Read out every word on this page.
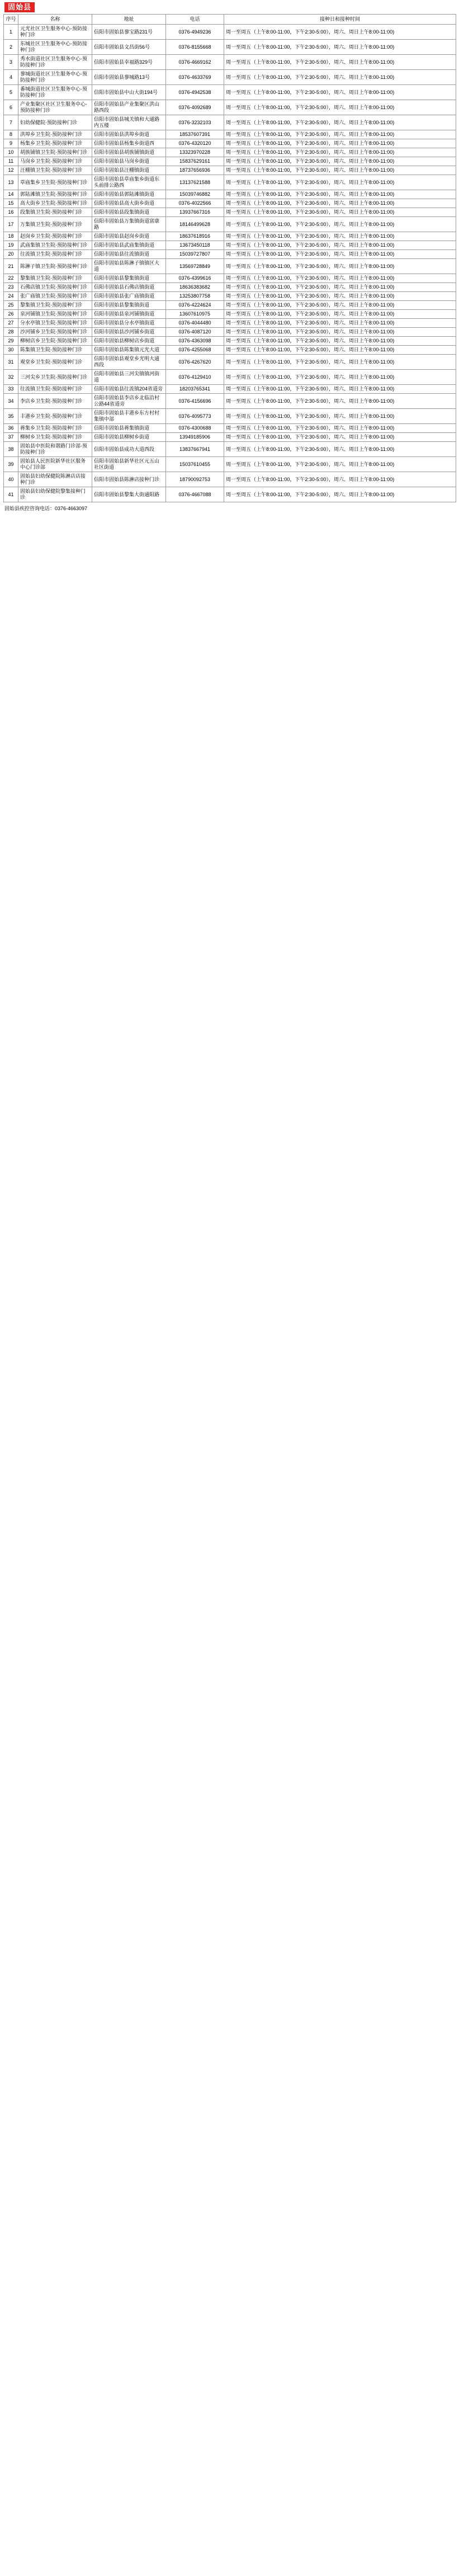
固始县
序号	名称	地址	电话	接种日和接种时间
1	元光社区卫生服务中心·预防接种门诊	信阳市固始县蓼宝路231号	0376-4949236	周一至周五（上午8:00-11:00，下午2:30-5:00），周六、周日上午8:00-11:00)
2	东城社区卫生服务中心·预防接种门诊	信阳市固始县文昌街56号	0376-8155668	周一至周五（上午8:00-11:00，下午2:30-5:00），周六、周日上午8:00-11:00)
3	秀水街道社区卫生服务中心·预防接种门诊	信阳市固始县幸福路329号	0376-4669162	周一至周五（上午8:00-11:00，下午2:30-5:00），周六、周日上午8:00-11:00)
4	蓼城街道社区卫生服务中心·预防接种门诊	信阳市固始县蓼城路13号	0376-4633769	周一至周五（上午8:00-11:00，下午2:30-5:00），周六、周日上午8:00-11:00)
5	番城街道社区卫生服务中心·预防接种门诊	信阳市固始县中山大街194号	0376-4942538	周一至周五（上午8:00-11:00，下午2:30-5:00），周六、周日上午8:00-11:00)
6	产业集聚区社区卫生服务中心·预防接种门诊	信阳市固始县产业集聚区洪山路西段	0376-4092689	周一至周五（上午8:00-11:00，下午2:30-5:00），周六、周日上午8:00-11:00)
7	妇幼保健院·预防接种门诊	信阳市固始县城关镇和大通路内五楼	0376-3232103	周一至周五（上午8:00-11:00，下午2:30-5:00），周六、周日上午8:00-11:00)
8	洪埠乡卫生院·预防接种门诊	信阳市固始县洪埠乡街道	18537607391	周一至周五（上午8:00-11:00，下午2:30-5:00），周六、周日上午8:00-11:00)
9	杨集乡卫生院·预防接种门诊	信阳市固始县杨集乡街道西	0376-4320120	周一至周五（上午8:00-11:00，下午2:30-5:00），周六、周日上午8:00-11:00)
10	胡族铺镇卫生院·预防接种门诊	信阳市固始县胡族铺镇街道	13323970228	周一至周五（上午8:00-11:00，下午2:30-5:00），周六、周日上午8:00-11:00)
11	马岗乡卫生院·预防接种门诊	信阳市固始县马岗乡街道	15837629161	周一至周五（上午8:00-11:00，下午2:30-5:00），周六、周日上午8:00-11:00)
12	汪棚镇卫生院·预防接种门诊	信阳市固始县汪棚镇街道	18737656936	周一至周五（上午8:00-11:00，下午2:30-5:00），周六、周日上午8:00-11:00)
13	草庙集乡卫生院·预防接种门诊	信阳市固始县草庙集乡街道东头前排公路西	13137621588	周一至周五（上午8:00-11:00，下午2:30-5:00），周六、周日上午8:00-11:00)
14	郭陆滩镇卫生院·预防接种门诊	信阳市固始县郭陆滩镇街道	15039746882	周一至周五（上午8:00-11:00，下午2:30-5:00），周六、周日上午8:00-11:00)
15	高大街乡卫生院·预防接种门诊	信阳市固始县高大街乡街道	0376-4022566	周一至周五（上午8:00-11:00，下午2:30-5:00），周六、周日上午8:00-11:00)
16	段集镇卫生院·预防接种门诊	信阳市固始县段集镇街道	13937667316	周一至周五（上午8:00-11:00，下午2:30-5:00），周六、周日上午8:00-11:00)
17	万集镇卫生院·预防接种门诊	信阳市固始县万集镇街道富康路	18146499628	周一至周五（上午8:00-11:00，下午2:30-5:00），周六、周日上午8:00-11:00)
18	赵岗乡卫生院·预防接种门诊	信阳市固始县赵岗乡街道	18637618916	周一至周五（上午8:00-11:00，下午2:30-5:00），周六、周日上午8:00-11:00)
19	武庙集镇卫生院·预防接种门诊	信阳市固始县武庙集镇街道	13673450118	周一至周五（上午8:00-11:00，下午2:30-5:00），周六、周日上午8:00-11:00)
20	往流镇卫生院·预防接种门诊	信阳市固始县往流镇街道	15039727807	周一至周五（上午8:00-11:00，下午2:30-5:00），周六、周日上午8:00-11:00)
21	陈淋子镇卫生院·预防接种门诊	信阳市固始县陈淋子镇镇区大道	13569728849	周一至周五（上午8:00-11:00，下午2:30-5:00），周六、周日上午8:00-11:00)
22	黎集镇卫生院·预防接种门诊	信阳市固始县黎集镇街道	0376-4399616	周一至周五（上午8:00-11:00，下午2:30-5:00），周六、周日上午8:00-11:00)
23	石佛店镇卫生院·预防接种门诊	信阳市固始县石佛店镇街道	18636383682	周一至周五（上午8:00-11:00，下午2:30-5:00），周六、周日上午8:00-11:00)
24	张广庙镇卫生院·预防接种门诊	信阳市固始县张广庙镇街道	13253807758	周一至周五（上午8:00-11:00，下午2:30-5:00），周六、周日上午8:00-11:00)
25	黎集镇卫生院·预防接种门诊	信阳市固始县黎集镇街道	0376-4224624	周一至周五（上午8:00-11:00，下午2:30-5:00），周六、周日上午8:00-11:00)
26	泉河铺镇卫生院·预防接种门诊	信阳市固始县泉河铺镇街道	13607610975	周一至周五（上午8:00-11:00，下午2:30-5:00），周六、周日上午8:00-11:00)
27	分水亭镇卫生院·预防接种门诊	信阳市固始县分水亭镇街道	0376-4044480	周一至周五（上午8:00-11:00，下午2:30-5:00），周六、周日上午8:00-11:00)
28	沙河铺乡卫生院·预防接种门诊	信阳市固始县沙河铺乡街道	0376-4087120	周一至周五（上午8:00-11:00，下午2:30-5:00），周六、周日上午8:00-11:00)
29	柳树店乡卫生院·预防接种门诊	信阳市固始县柳树店乡街道	0376-4363098	周一至周五（上午8:00-11:00，下午2:30-5:00），周六、周日上午8:00-11:00)
30	陈集镇卫生院·预防接种门诊	信阳市固始县陈集镇元光大道	0376-4255068	周一至周五（上午8:00-11:00，下午2:30-5:00），周六、周日上午8:00-11:00)
31	观堂乡卫生院·预防接种门诊	信阳市固始县观堂乡光明大通西段	0376-4267620	周一至周五（上午8:00-11:00，下午2:30-5:00），周六、周日上午8:00-11:00)
32	三河尖乡卫生院·预防接种门诊	信阳市固始县三河尖镇镇河街道	0376-4129410	周一至周五（上午8:00-11:00，下午2:30-5:00），周六、周日上午8:00-11:00)
33	往流镇卫生院·预防接种门诊	信阳市固始县往流镇204省道旁	18203765341	周一至周五（上午8:00-11:00，下午2:30-5:00），周六、周日上午8:00-11:00)
34	李店乡卫生院·预防接种门诊	信阳市固始县李店乡北临沿村公路44省道旁	0376-4156696	周一至周五（上午8:00-11:00，下午2:30-5:00），周六、周日上午8:00-11:00)
35	丰港乡卫生院·预防接种门诊	信阳市固始县丰港乡东方村村集镇中部	0376-4095773	周一至周五（上午8:00-11:00，下午2:30-5:00），周六、周日上午8:00-11:00)
36	蒋集乡卫生院·预防接种门诊	信阳市固始县蒋集镇街道	0376-4300688	周一至周五（上午8:00-11:00，下午2:30-5:00），周六、周日上午8:00-11:00)
37	柳树乡卫生院·预防接种门诊	信阳市固始县柳树乡街道	13949185906	周一至周五（上午8:00-11:00，下午2:30-5:00），周六、周日上午8:00-11:00)
38	固始县中医院和谐路门诊部·预防接种门诊	信阳市固始县成功大道西段	13837667941	周一至周五（上午8:00-11:00，下午2:30-5:00），周六、周日上午8:00-11:00)
39	固始县人民医院新华社区服务中心门诊部	信阳市固始县新华社区元五山社区街道	15037610455	周一至周五（上午8:00-11:00，下午2:30-5:00），周六、周日上午8:00-11:00)
40	固始县妇幼保健院陈淋店店接种门诊	信阳市固始县陈淋店接种门诊	18790092753	周一至周五（上午8:00-11:00，下午2:30-5:00），周六、周日上午8:00-11:00)
41	固始县妇幼保健院黎集接种门诊	信阳市固始县黎集大街通阳路	0376-4667088	周一至周五（上午8:00-11:00，下午2:30-5:00），周六、周日上午8:00-11:00)
固始县疾控咨询电话：0376-4663097
